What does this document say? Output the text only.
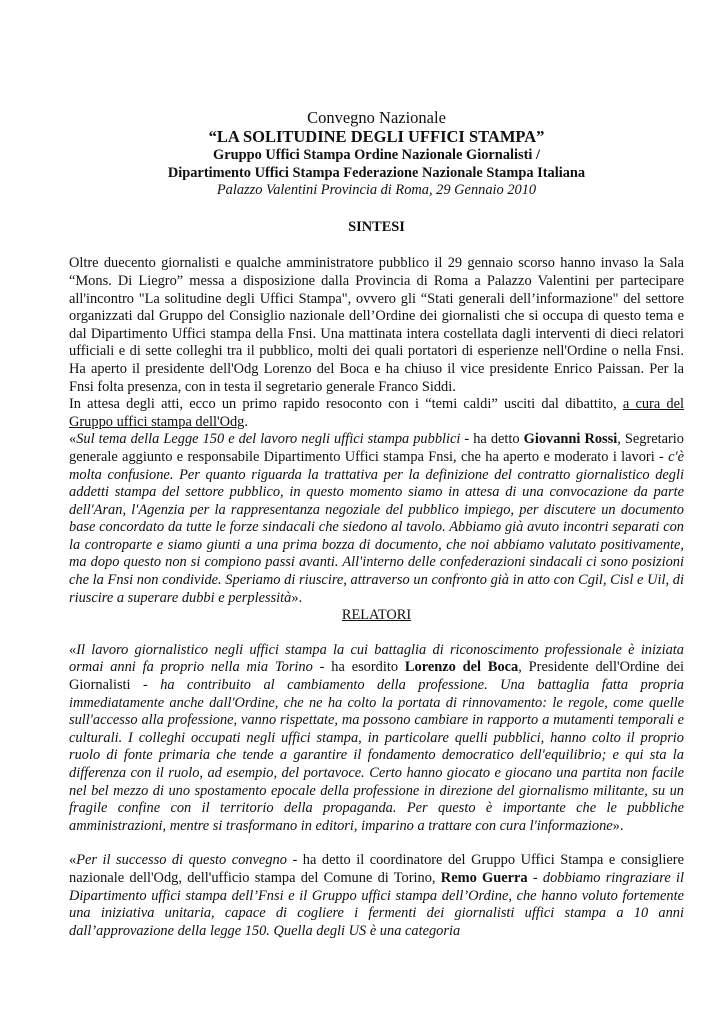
Convegno Nazionale
“LA SOLITUDINE DEGLI UFFICI STAMPA”
Gruppo Uffici Stampa Ordine Nazionale Giornalisti /
Dipartimento Uffici Stampa Federazione Nazionale Stampa Italiana
Palazzo Valentini Provincia di Roma, 29 Gennaio 2010
SINTESI

Oltre duecento giornalisti e qualche amministratore pubblico il 29 gennaio scorso hanno invaso la Sala “Mons. Di Liegro” messa a disposizione dalla Provincia di Roma a Palazzo Valentini per partecipare all'incontro "La solitudine degli Uffici Stampa", ovvero gli “Stati generali dell’informazione" del settore organizzati dal Gruppo del Consiglio nazionale dell’Ordine dei giornalisti che si occupa di questo tema e dal Dipartimento Uffici stampa della Fnsi. Una mattinata intera costellata dagli interventi di dieci relatori ufficiali e di sette colleghi tra il pubblico, molti dei quali portatori di esperienze nell'Ordine o nella Fnsi. Ha aperto il presidente dell'Odg Lorenzo del Boca e ha chiuso il vice presidente Enrico Paissan. Per la Fnsi folta presenza, con in testa il segretario generale Franco Siddi.

In attesa degli atti, ecco un primo rapido resoconto con i “temi caldi” usciti dal dibattito, a cura del Gruppo uffici stampa dell'Odg.

«Sul tema della Legge 150 e del lavoro negli uffici stampa pubblici - ha detto Giovanni Rossi, Segretario generale aggiunto e responsabile Dipartimento Uffici stampa Fnsi, che ha aperto e moderato i lavori - c'è molta confusione. Per quanto riguarda la trattativa per la definizione del contratto giornalistico degli addetti stampa del settore pubblico, in questo momento siamo in attesa di una convocazione da parte dell'Aran, l'Agenzia per la rappresentanza negoziale del pubblico impiego, per discutere un documento base concordato da tutte le forze sindacali che siedono al tavolo. Abbiamo già avuto incontri separati con la controparte e siamo giunti a una prima bozza di documento, che noi abbiamo valutato positivamente, ma dopo questo non si compiono passi avanti. All'interno delle confederazioni sindacali ci sono posizioni che la Fnsi non condivide. Speriamo di riuscire, attraverso un confronto già in atto con Cgil, Cisl e Uil, di riuscire a superare dubbi e perplessità».

RELATORI

«Il lavoro giornalistico negli uffici stampa la cui battaglia di riconoscimento professionale è iniziata ormai anni fa proprio nella mia Torino - ha esordito Lorenzo del Boca, Presidente dell'Ordine dei Giornalisti - ha contribuito al cambiamento della professione. Una battaglia fatta propria immediatamente anche dall'Ordine, che ne ha colto la portata di rinnovamento: le regole, come quelle sull'accesso alla professione, vanno rispettate, ma possono cambiare in rapporto a mutamenti temporali e culturali. I colleghi occupati negli uffici stampa, in particolare quelli pubblici, hanno colto il proprio ruolo di fonte primaria che tende a garantire il fondamento democratico dell'equilibrio; e qui sta la differenza con il ruolo, ad esempio, del portavoce. Certo hanno giocato e giocano una partita non facile nel bel mezzo di uno spostamento epocale della professione in direzione del giornalismo militante, su un fragile confine con il territorio della propaganda. Per questo è importante che le pubbliche amministrazioni, mentre si trasformano in editori, imparino a trattare con cura l'informazione».

«Per il successo di questo convegno - ha detto il coordinatore del Gruppo Uffici Stampa e consigliere nazionale dell'Odg, dell'ufficio stampa del Comune di Torino, Remo Guerra - dobbiamo ringraziare il Dipartimento uffici stampa dell’Fnsi e il Gruppo uffici stampa dell’Ordine, che hanno voluto fortemente una iniziativa unitaria, capace di cogliere i fermenti dei giornalisti uffici stampa a 10 anni dall’approvazione della legge 150. Quella degli US è una categoria
